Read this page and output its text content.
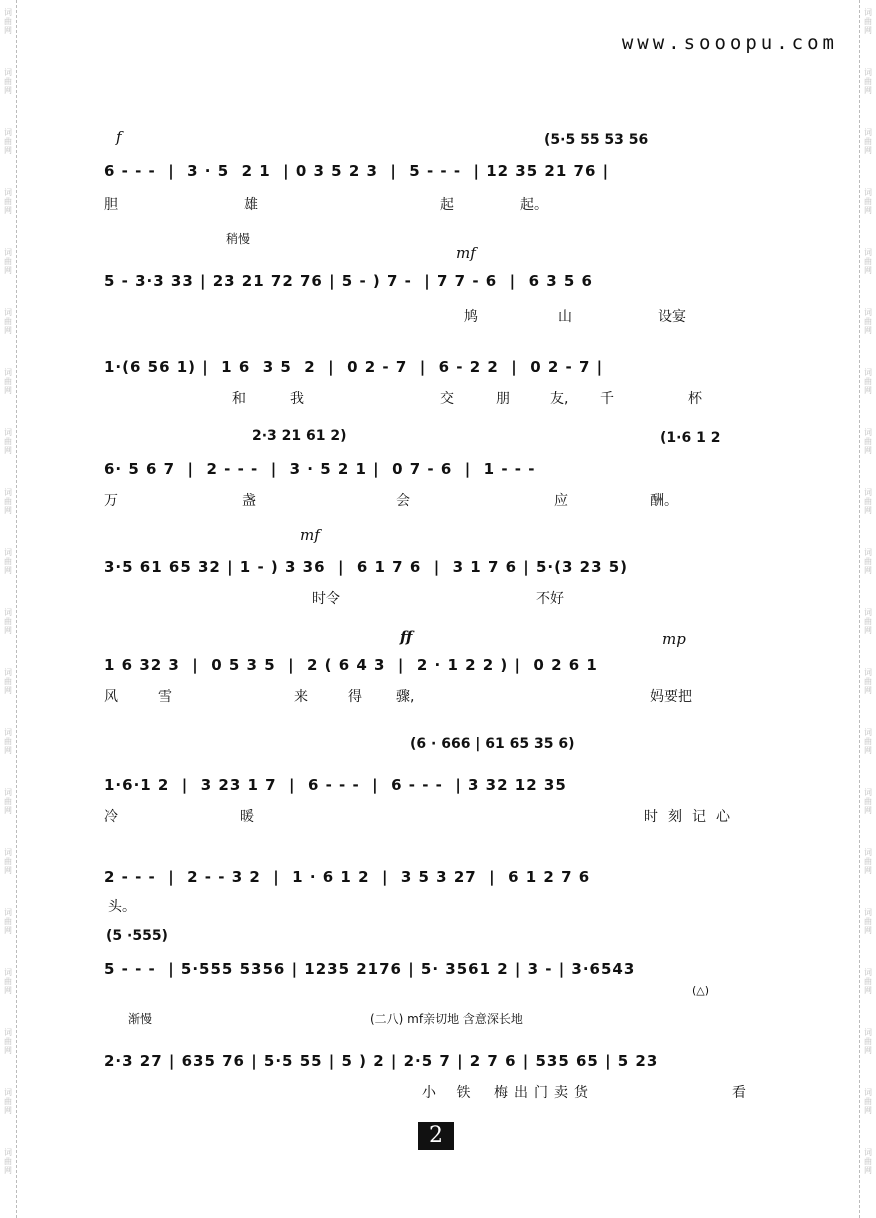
词
曲
网
词
曲
网
词
曲
网
词
曲
网
词
曲
网
词
曲
网
词
曲
网
词
曲
网
词
曲
网
词
曲
网
词
曲
网
词
曲
网
词
曲
网
词
曲
网
词
曲
网
词
曲
网
词
曲
网
词
曲
网
词
曲
网
词
曲
网
词
曲
网
词
曲
网
词
曲
网
词
曲
网
词
曲
网
词
曲
网
词
曲
网
词
曲
网
词
曲
网
词
曲
网
词
曲
网
词
曲
网
词
曲
网
词
曲
网
词
曲
网
词
曲
网
词
曲
网
词
曲
网
词
曲
网
词
曲
网
www.sooopu.com
f	(5·5 55 53 56
6 - - -  |  3 · 5  2 1  | 0 3 5 2 3  |  5 - - -  | 12 35 21 76 |
胆	雄	起	起。
稍慢
mf
5 - 3·3 33 | 23 21 72 76 | 5 - ) 7 -  | 7 7 - 6  |  6 3 5 6
鸠	山	设宴
1·(6 56 1) |  1 6  3 5  2  |  0 2 - 7  |  6 - 2 2  |  0 2 - 7 |
和	我	交	朋	友, 千	杯
2·3 21 61 2)	(1·6 1 2
6· 5 6 7  |  2 - - -  |  3 · 5 2 1 |  0 7 - 6  |  1 - - -
万	盏	会	应	酬。
mf
3·5 61 65 32 | 1 - ) 3 36  |  6 1 7 6  |  3 1 7 6 | 5·(3 23 5)
时令	不好
ff	mp
1 6 32 3  |  0 5 3 5  |  2 ( 6 4 3  |  2 · 1 2 2 ) |  0 2 6 1
风	雪	来	得 骤,	妈要把
(6 · 666 | 61 65 35 6)
1·6·1 2  |  3 23 1 7  |  6 - - -  |  6 - - -  | 3 32 12 35
冷	暖	时刻记心
2 - - -  |  2 - - 3 2  |  1 · 6 1 2  |  3 5 3 27  |  6 1 2 7 6
头。
(5 ·555)
5 - - -  | 5·555 5356 | 1235 2176 | 5· 3561 2 | 3 - | 3·6543
(△)
渐慢
2·3 27 | 635 76 | 5·5 55 | 5 ) 2 | 2·5 7 | 2 7 6 | 535 65 | 5 23
小 铁 梅出门卖货	看
(二八) mf亲切地 含意深长地
2
